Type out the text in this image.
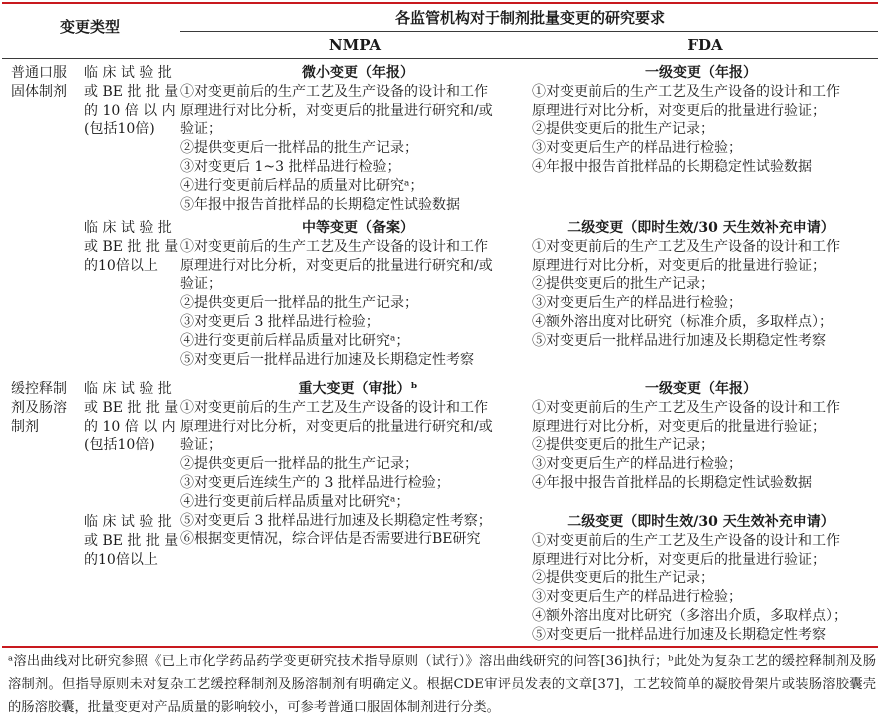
变更类型	各监管机构对于制剂批量变更的研究要求
NMPA	FDA
普通口服
固体制剂
缓控释制
剂及肠溶
制剂
临 床 试 验 批
或 BE 批 批 量
的 10 倍 以 内
(包括10倍)
临 床 试 验 批
或 BE 批 批 量
的10倍以上
临 床 试 验 批
或 BE 批 批 量
的 10 倍 以 内
(包括10倍)
临 床 试 验 批
或 BE 批 批 量
的10倍以上
微小变更（年报）
①对变更前后的生产工艺及生产设备的设计和工作
原理进行对比分析，对变更后的批量进行研究和/或
验证；
②提供变更后一批样品的批生产记录；
③对变更后 1~3 批样品进行检验；
④进行变更前后样品的质量对比研究ᵃ；
⑤年报中报告首批样品的长期稳定性试验数据
中等变更（备案）
①对变更前后的生产工艺及生产设备的设计和工作
原理进行对比分析，对变更后的批量进行研究和/或
验证；
②提供变更后一批样品的批生产记录；
③对变更后 3 批样品进行检验；
④进行变更前后样品质量对比研究ᵃ；
⑤对变更后一批样品进行加速及长期稳定性考察
重大变更（审批）ᵇ
①对变更前后的生产工艺及生产设备的设计和工作
原理进行对比分析，对变更后的批量进行研究和/或
验证；
②提供变更后一批样品的批生产记录；
③对变更后连续生产的 3 批样品进行检验；
④进行变更前后样品质量对比研究ᵃ；
⑤对变更后 3 批样品进行加速及长期稳定性考察；
⑥根据变更情况，综合评估是否需要进行BE研究
一级变更（年报）
①对变更前后的生产工艺及生产设备的设计和工作
原理进行对比分析，对变更后的批量进行验证；
②提供变更后的批生产记录；
③对变更后生产的样品进行检验；
④年报中报告首批样品的长期稳定性试验数据
二级变更（即时生效/30 天生效补充申请）
①对变更前后的生产工艺及生产设备的设计和工作
原理进行对比分析，对变更后的批量进行验证；
②提供变更后的批生产记录；
③对变更后生产的样品进行检验；
④额外溶出度对比研究（标准介质，多取样点）；
⑤对变更后一批样品进行加速及长期稳定性考察
一级变更（年报）
①对变更前后的生产工艺及生产设备的设计和工作
原理进行对比分析，对变更后的批量进行验证；
②提供变更后的批生产记录；
③对变更后生产的样品进行检验；
④年报中报告首批样品的长期稳定性试验数据
二级变更（即时生效/30 天生效补充申请）
①对变更前后的生产工艺及生产设备的设计和工作
原理进行对比分析，对变更后的批量进行验证；
②提供变更后的批生产记录；
③对变更后生产的样品进行检验；
④额外溶出度对比研究（多溶出介质，多取样点）；
⑤对变更后一批样品进行加速及长期稳定性考察

ᵃ溶出曲线对比研究参照《已上市化学药品药学变更研究技术指导原则（试行）》溶出曲线研究的问答[36]执行；ᵇ此处为复杂工艺的缓控释制剂及肠溶制剂。但指导原则未对复杂工艺缓控释制剂及肠溶制剂有明确定义。根据CDE审评员发表的文章[37]，工艺较简单的凝胶骨架片或装肠溶胶囊壳的肠溶胶囊，批量变更对产品质量的影响较小，可参考普通口服固体制剂进行分类。
